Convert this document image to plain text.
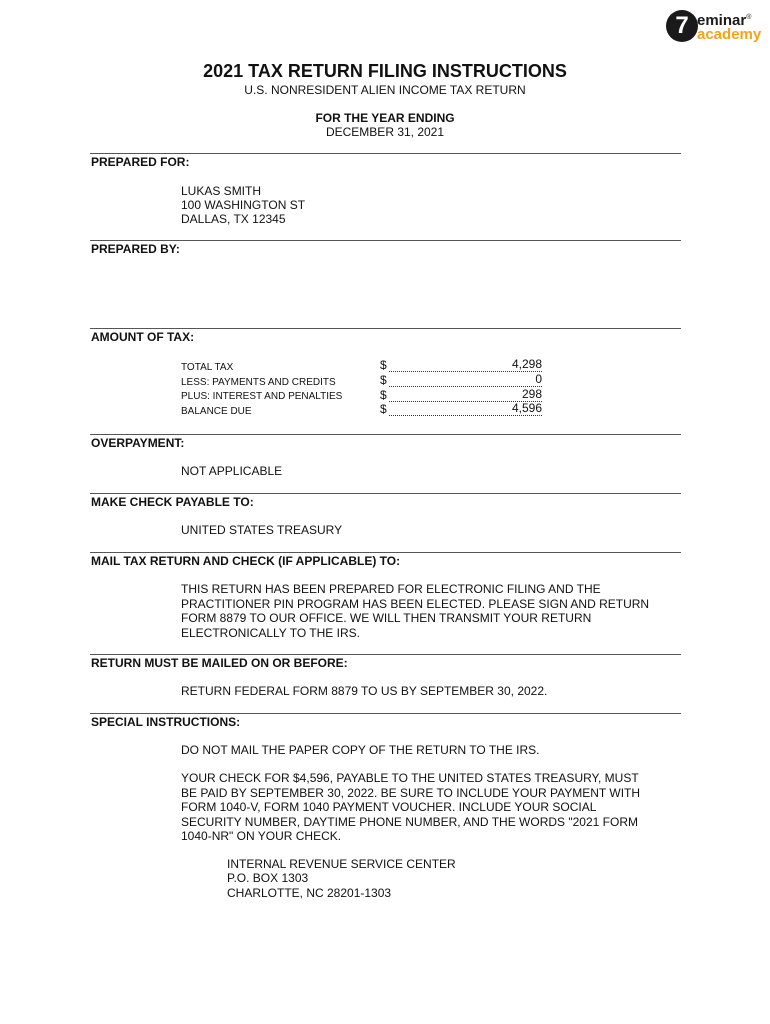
7 eminar®
academy
2021 TAX RETURN FILING INSTRUCTIONS
U.S. NONRESIDENT ALIEN INCOME TAX RETURN
FOR THE YEAR ENDING
DECEMBER 31, 2021
PREPARED FOR:
LUKAS SMITH
100 WASHINGTON ST
DALLAS, TX 12345
PREPARED BY:
AMOUNT OF TAX:
TOTAL TAX	$	4,298
LESS: PAYMENTS AND CREDITS	$	0
PLUS: INTEREST AND PENALTIES	$	298
BALANCE DUE	$	4,596
OVERPAYMENT:
NOT APPLICABLE
MAKE CHECK PAYABLE TO:
UNITED STATES TREASURY
MAIL TAX RETURN AND CHECK (IF APPLICABLE) TO:
THIS RETURN HAS BEEN PREPARED FOR ELECTRONIC FILING AND THE
PRACTITIONER PIN PROGRAM HAS BEEN ELECTED. PLEASE SIGN AND RETURN
FORM 8879 TO OUR OFFICE. WE WILL THEN TRANSMIT YOUR RETURN
ELECTRONICALLY TO THE IRS.
RETURN MUST BE MAILED ON OR BEFORE:
RETURN FEDERAL FORM 8879 TO US BY SEPTEMBER 30, 2022.
SPECIAL INSTRUCTIONS:
DO NOT MAIL THE PAPER COPY OF THE RETURN TO THE IRS.
YOUR CHECK FOR $4,596, PAYABLE TO THE UNITED STATES TREASURY, MUST
BE PAID BY SEPTEMBER 30, 2022. BE SURE TO INCLUDE YOUR PAYMENT WITH
FORM 1040-V, FORM 1040 PAYMENT VOUCHER. INCLUDE YOUR SOCIAL
SECURITY NUMBER, DAYTIME PHONE NUMBER, AND THE WORDS "2021 FORM
1040-NR" ON YOUR CHECK.
INTERNAL REVENUE SERVICE CENTER
P.O. BOX 1303
CHARLOTTE, NC 28201-1303
